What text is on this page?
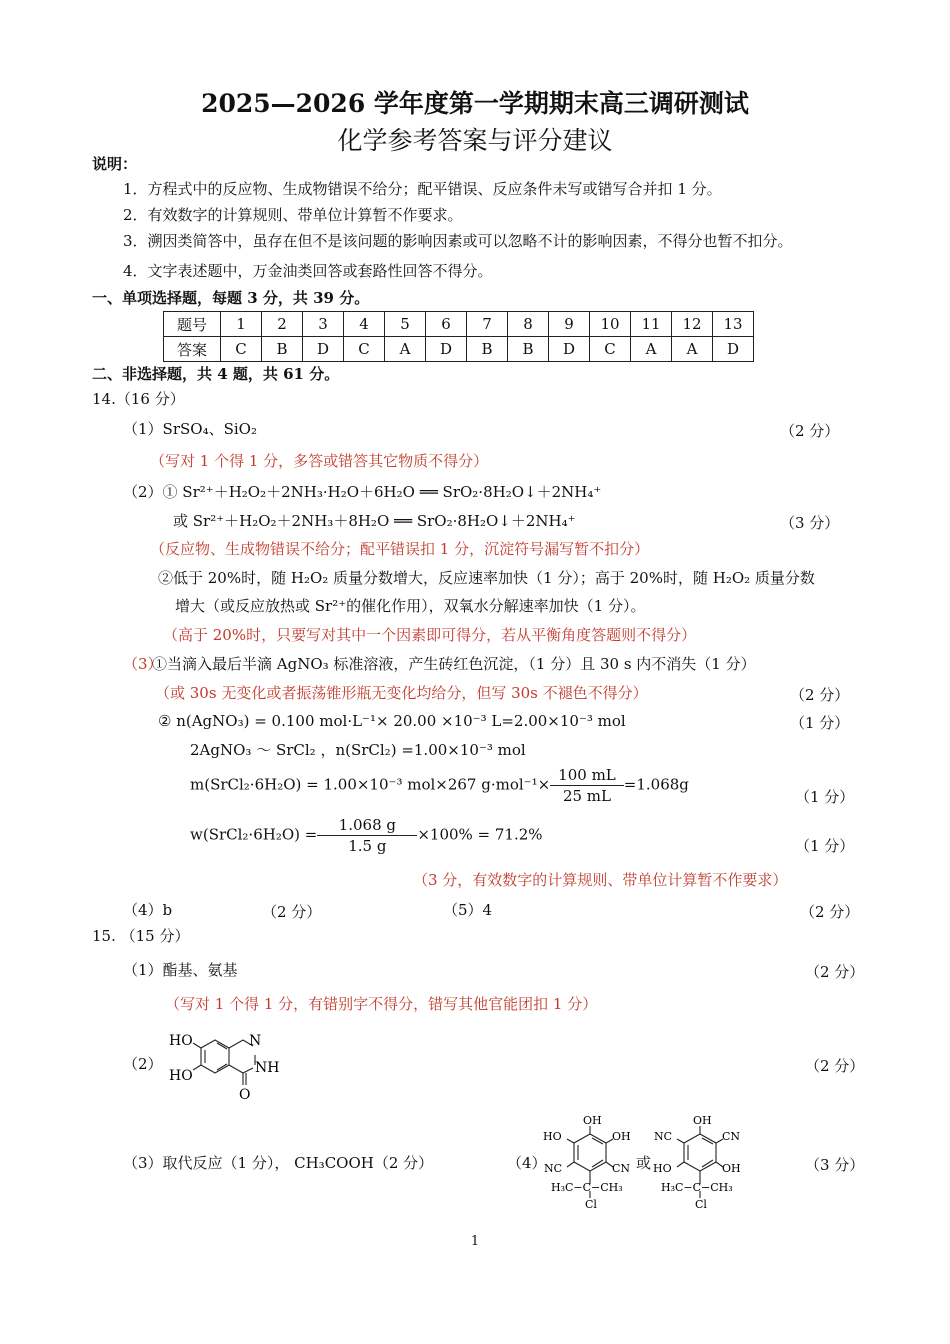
2025—2026 学年度第一学期期末高三调研测试
化学参考答案与评分建议
说明：
1．方程式中的反应物、生成物错误不给分；配平错误、反应条件未写或错写合并扣 1 分。
2．有效数字的计算规则、带单位计算暂不作要求。
3．溯因类简答中，虽存在但不是该问题的影响因素或可以忽略不计的影响因素，不得分也暂不扣分。
4．文字表述题中，万金油类回答或套路性回答不得分。
一、单项选择题，每题 3 分，共 39 分。
题号	1	2	3	4	5	6	7	8	9	10	11	12	13
答案	C	B	D	C	A	D	B	B	D	C	A	A	D
二、非选择题，共 4 题，共 61 分。
14.（16 分）
（1）SrSO₄、SiO₂	（2 分）
（写对 1 个得 1 分，多答或错答其它物质不得分）
（2）① Sr²⁺＋H₂O₂＋2NH₃·H₂O＋6H₂O ══ SrO₂·8H₂O↓＋2NH₄⁺
或 Sr²⁺＋H₂O₂＋2NH₃＋8H₂O ══ SrO₂·8H₂O↓＋2NH₄⁺	（3 分）
（反应物、生成物错误不给分；配平错误扣 1 分，沉淀符号漏写暂不扣分）
②低于 20%时，随 H₂O₂ 质量分数增大，反应速率加快（1 分）；高于 20%时，随 H₂O₂ 质量分数
增大（或反应放热或 Sr²⁺的催化作用），双氧水分解速率加快（1 分）。
（高于 20%时，只要写对其中一个因素即可得分，若从平衡角度答题则不得分）
（3）
①当滴入最后半滴 AgNO₃ 标准溶液，产生砖红色沉淀，（1 分）且 30 s 内不消失（1 分）
（或 30s 无变化或者振荡锥形瓶无变化均给分，但写 30s 不褪色不得分）	（2 分）
② n(AgNO₃) = 0.100 mol·L⁻¹× 20.00 ×10⁻³ L=2.00×10⁻³ mol	（1 分）
2AgNO₃ ～ SrCl₂ ，n(SrCl₂) =1.00×10⁻³ mol
m(SrCl₂·6H₂O) = 1.00×10⁻³ mol×267 $g\cdot mol^{-1}\times \frac{100 mL}{25 mL} =1.068g$
（1 分）
w(SrCl₂·6H₂O) = $\frac{1.068 g}{1.5 g} \times 100\% = 71.2\%$
（1 分）
（3 分，有效数字的计算规则、带单位计算暂不作要求）
（4）b	（2 分）	（5）4	（2 分）
15. （15 分）
（1）酯基、氨基	（2 分）
（写对 1 个得 1 分，有错别字不得分，错写其他官能团扣 1 分）
（2）	（2 分）
HO
HO
N
NH
O
（3）取代反应（1 分）， CH₃COOH（2 分）	（4）	或	（3 分）
OH
HO	OH
NC	CN
H₃C−C−CH₃
Cl
OH
NC	CN
HO	OH
H₃C−C−CH₃
Cl
1
